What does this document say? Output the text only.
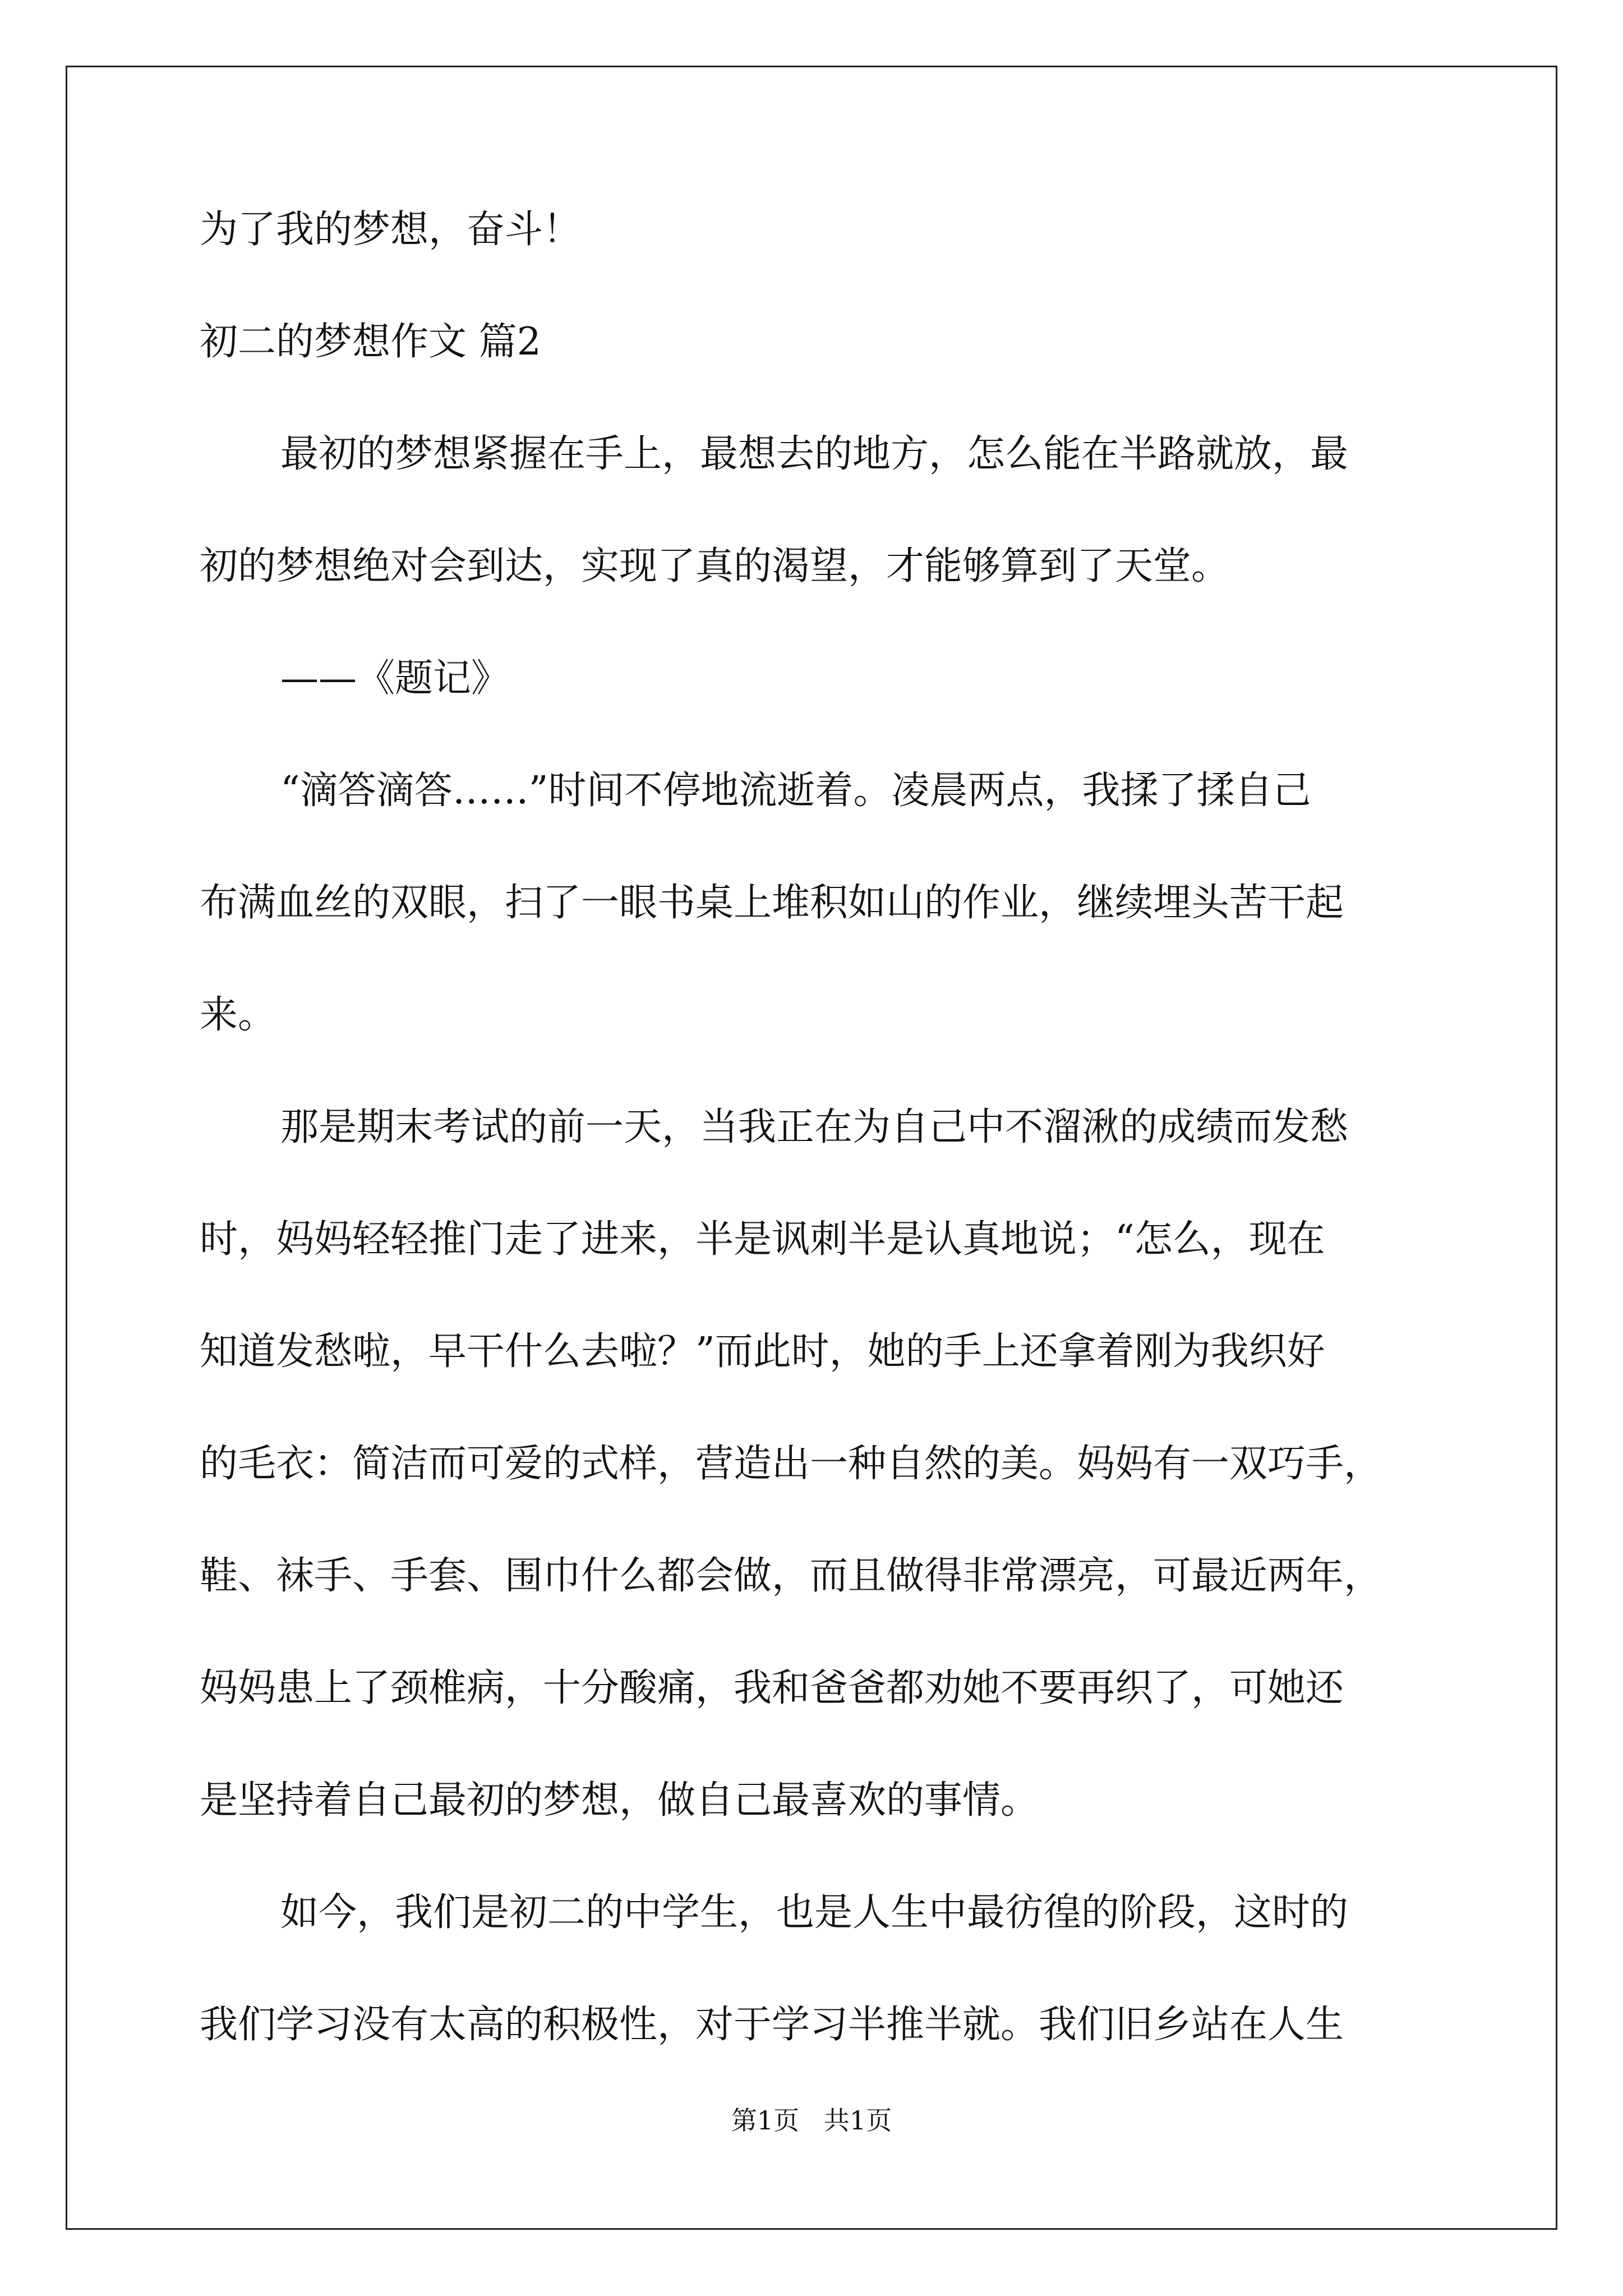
为了我的梦想，奋斗！
初二的梦想作文 篇2
最初的梦想紧握在手上，最想去的地方，怎么能在半路就放，最
初的梦想绝对会到达，实现了真的渴望，才能够算到了天堂。
——《题记》
“滴答滴答……”时间不停地流逝着。凌晨两点，我揉了揉自己
布满血丝的双眼，扫了一眼书桌上堆积如山的作业，继续埋头苦干起
来。
那是期末考试的前一天，当我正在为自己中不溜湫的成绩而发愁
时，妈妈轻轻推门走了进来，半是讽刺半是认真地说；“怎么，现在
知道发愁啦，早干什么去啦？”而此时，她的手上还拿着刚为我织好
的毛衣：简洁而可爱的式样，营造出一种自然的美。妈妈有一双巧手，
鞋、袜手、手套、围巾什么都会做，而且做得非常漂亮，可最近两年，
妈妈患上了颈椎病，十分酸痛，我和爸爸都劝她不要再织了，可她还
是坚持着自己最初的梦想，做自己最喜欢的事情。
如今，我们是初二的中学生，也是人生中最彷徨的阶段，这时的
我们学习没有太高的积极性，对于学习半推半就。我们旧乡站在人生
第1页   共1页
